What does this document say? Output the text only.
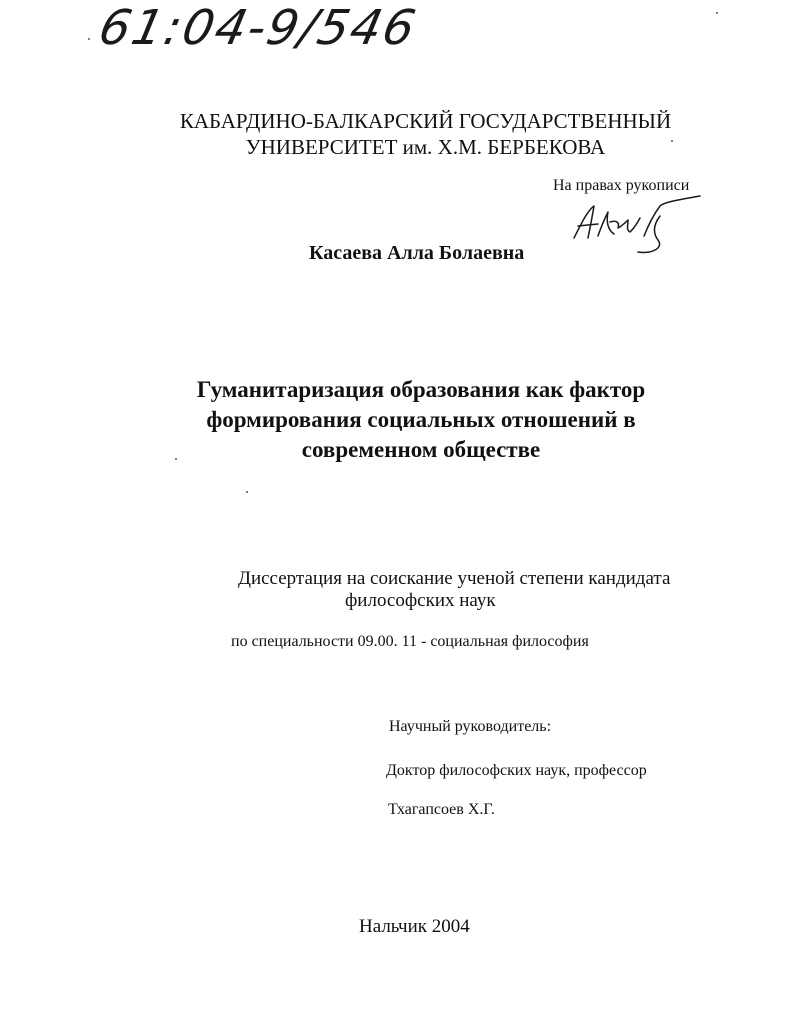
61:04-9/546
КАБАРДИНО-БАЛКАРСКИЙ ГОСУДАРСТВЕННЫЙ
УНИВЕРСИТЕТ им. Х.М. БЕРБЕКОВА
На правах рукописи
Касаева Алла Болаевна
Гуманитаризация образования как фактор
формирования социальных отношений в
современном обществе
Диссертация на соискание ученой степени кандидата
философских наук
по специальности 09.00. 11 - социальная философия
Научный руководитель:
Доктор философских наук, профессор
Тхагапсоев Х.Г.
Нальчик 2004
